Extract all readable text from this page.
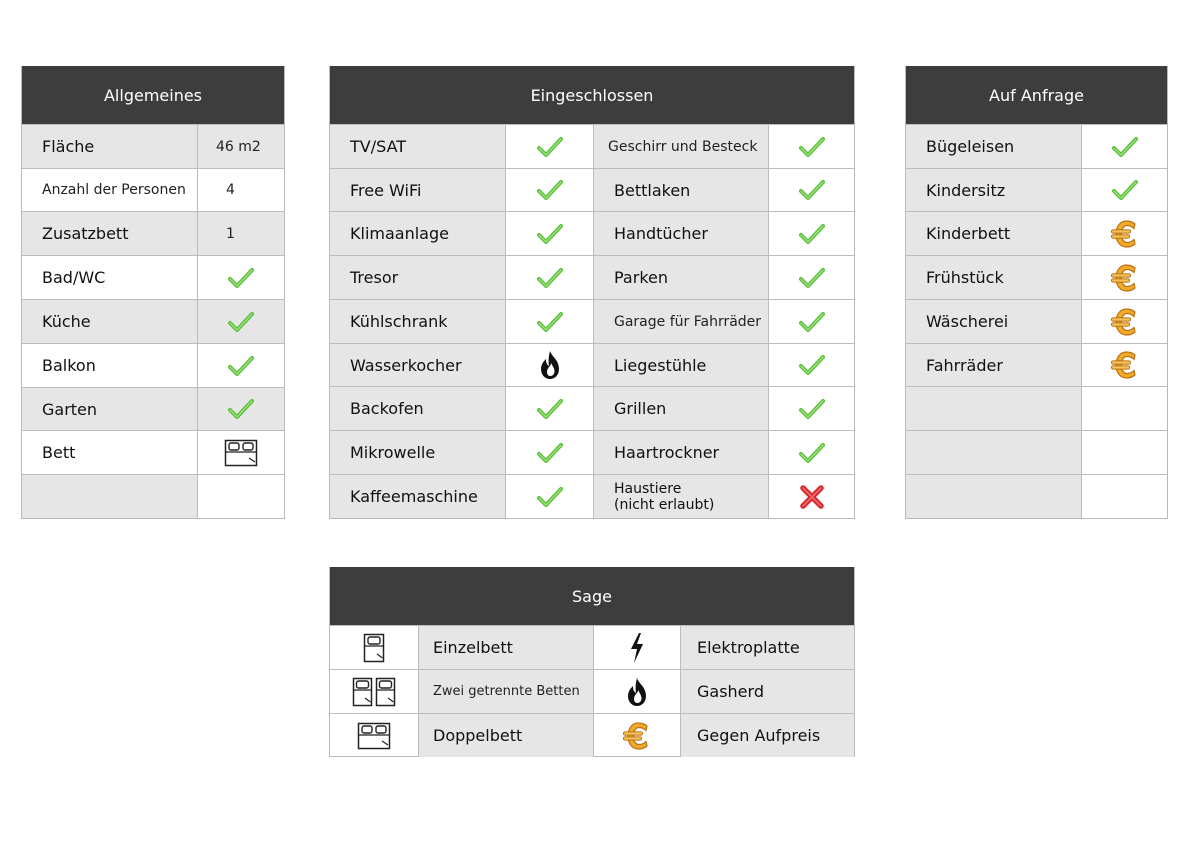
Allgemeines
Fläche	46 m2
Anzahl der Personen	4
Zusatzbett	1
Bad/WC
Küche
Balkon
Garten
Bett
Eingeschlossen
TV/SAT	Geschirr und Besteck
Free WiFi	Bettlaken
Klimaanlage	Handtücher
Tresor	Parken
Kühlschrank	Garage für Fahrräder
Wasserkocher	Liegestühle
Backofen	Grillen
Mikrowelle	Haartrockner
Kaffeemaschine	Haustiere
(nicht erlaubt)
Auf Anfrage
Bügeleisen
Kindersitz
Kinderbett
Frühstück
Wäscherei
Fahrräder
Sage
Einzelbett	Elektroplatte
Zwei getrennte Betten	Gasherd
Doppelbett	Gegen Aufpreis
